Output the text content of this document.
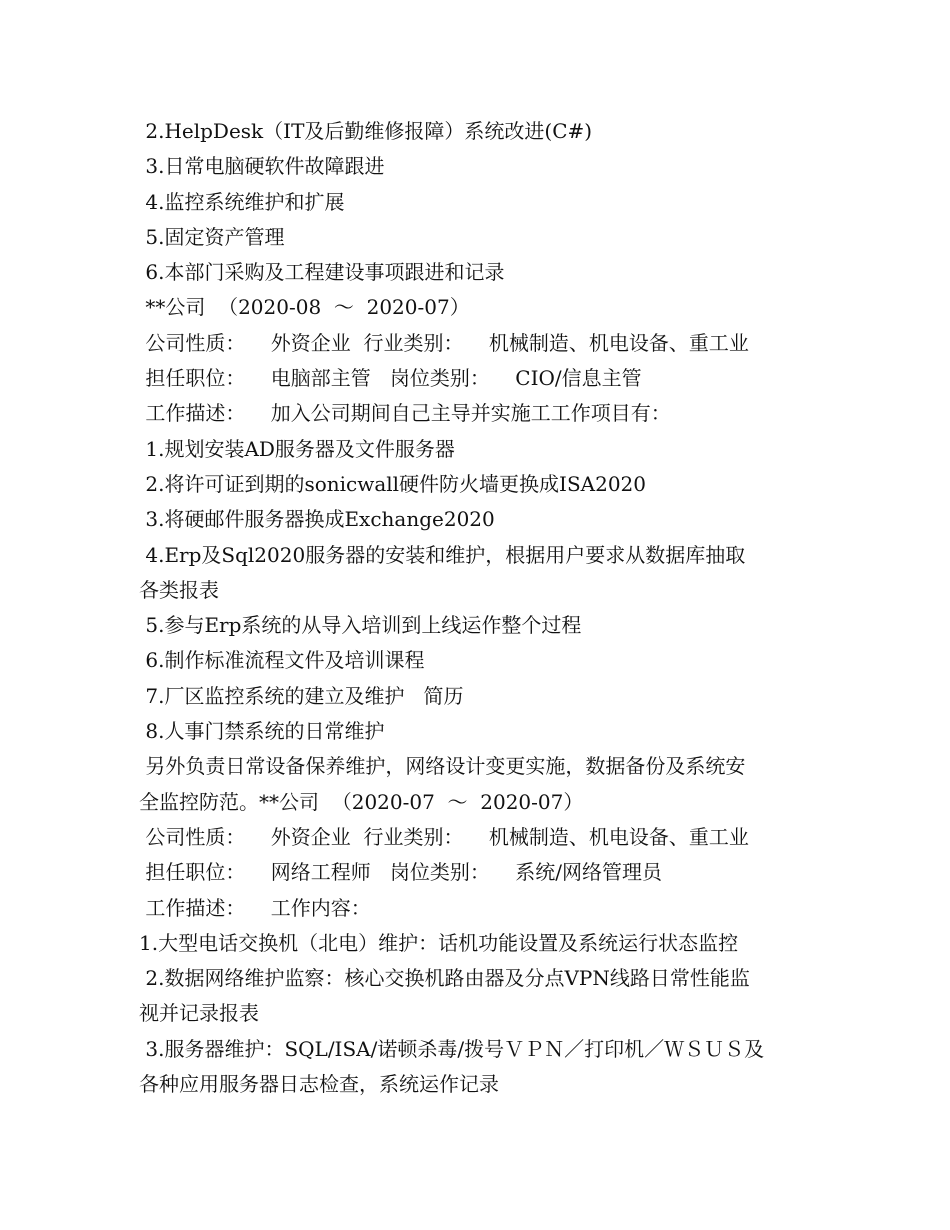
2.HelpDesk（IT及后勤维修报障）系统改进(C#)
3.日常电脑硬软件故障跟进
4.监控系统维护和扩展
5.固定资产管理
6.本部门采购及工程建设事项跟进和记录
**公司  （2020-08  ～  2020-07）
公司性质：    外资企业  行业类别：    机械制造、机电设备、重工业
担任职位：    电脑部主管   岗位类别：    CIO/信息主管
工作描述：    加入公司期间自己主导并实施工工作项目有：
1.规划安装AD服务器及文件服务器
2.将许可证到期的sonicwall硬件防火墙更换成ISA2020
3.将硬邮件服务器换成Exchange2020
4.Erp及Sql2020服务器的安装和维护，根据用户要求从数据库抽取
各类报表
5.参与Erp系统的从导入培训到上线运作整个过程
6.制作标准流程文件及培训课程
7.厂区监控系统的建立及维护   简历
8.人事门禁系统的日常维护
另外负责日常设备保养维护，网络设计变更实施，数据备份及系统安
全监控防范。**公司  （2020-07  ～  2020-07）
公司性质：    外资企业  行业类别：    机械制造、机电设备、重工业
担任职位：    网络工程师   岗位类别：    系统/网络管理员
工作描述：    工作内容：
1.大型电话交换机（北电）维护：话机功能设置及系统运行状态监控
2.数据网络维护监察：核心交换机路由器及分点VPN线路日常性能监
视并记录报表
3.服务器维护：SQL/ISA/诺顿杀毒/拨号ＶＰＮ／打印机／ＷＳＵＳ及
各种应用服务器日志检查，系统运作记录
